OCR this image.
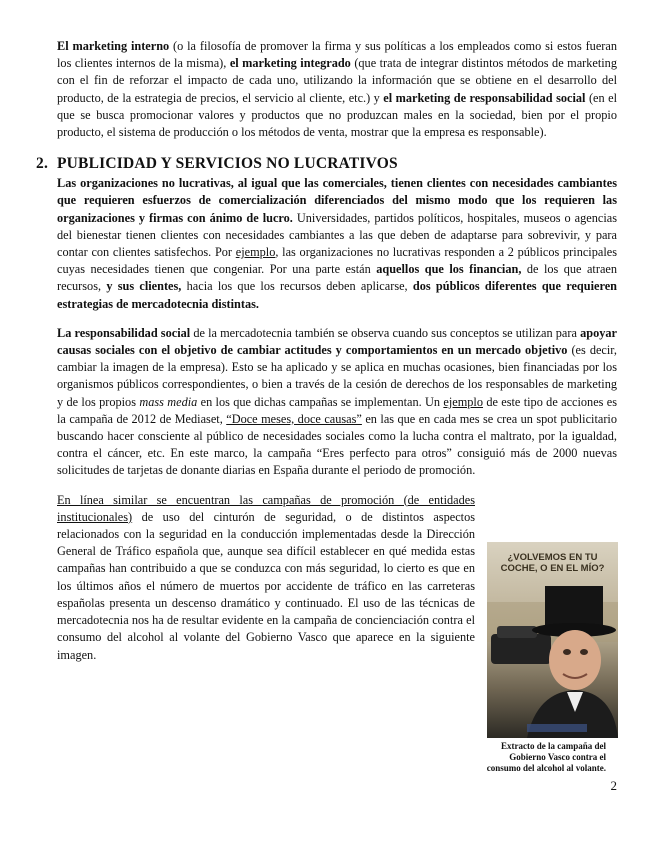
El marketing interno (o la filosofía de promover la firma y sus políticas a los empleados como si estos fueran los clientes internos de la misma), el marketing integrado (que trata de integrar distintos métodos de marketing con el fin de reforzar el impacto de cada uno, utilizando la información que se obtiene en el desarrollo del producto, de la estrategia de precios, el servicio al cliente, etc.) y el marketing de responsabilidad social (en el que se busca promocionar valores y productos que no produzcan males en la sociedad, bien por el propio producto, el sistema de producción o los métodos de venta, mostrar que la empresa es responsable).

2. PUBLICIDAD Y SERVICIOS NO LUCRATIVOS

Las organizaciones no lucrativas, al igual que las comerciales, tienen clientes con necesidades cambiantes que requieren esfuerzos de comercialización diferenciados del mismo modo que los requieren las organizaciones y firmas con ánimo de lucro. Universidades, partidos políticos, hospitales, museos o agencias del bienestar tienen clientes con necesidades cambiantes a las que deben de adaptarse para sobrevivir, y para contar con clientes satisfechos. Por ejemplo, las organizaciones no lucrativas responden a 2 públicos principales cuyas necesidades tienen que congeniar. Por una parte están aquellos que los financian, de los que atraen recursos, y sus clientes, hacia los que los recursos deben aplicarse, dos públicos diferentes que requieren estrategias de mercadotecnia distintas.

La responsabilidad social de la mercadotecnia también se observa cuando sus conceptos se utilizan para apoyar causas sociales con el objetivo de cambiar actitudes y comportamientos en un mercado objetivo (es decir, cambiar la imagen de la empresa). Esto se ha aplicado y se aplica en muchas ocasiones, bien financiadas por los organismos públicos correspondientes, o bien a través de la cesión de derechos de los responsables de marketing y de los propios mass media en los que dichas campañas se implementan. Un ejemplo de este tipo de acciones es la campaña de 2012 de Mediaset, “Doce meses, doce causas” en las que en cada mes se crea un spot publicitario buscando hacer consciente al público de necesidades sociales como la lucha contra el maltrato, por la igualdad, contra el cáncer, etc. En este marco, la campaña “Eres perfecto para otros” consiguió más de 2000 nuevas solicitudes de tarjetas de donante diarias en España durante el periodo de promoción.

En línea similar se encuentran las campañas de promoción (de entidades institucionales) de uso del cinturón de seguridad, o de distintos aspectos relacionados con la seguridad en la conducción implementadas desde la Dirección General de Tráfico española que, aunque sea difícil establecer en qué medida estas campañas han contribuido a que se conduzca con más seguridad, lo cierto es que en los últimos años el número de muertos por accidente de tráfico en las carreteras españolas presenta un descenso dramático y continuado. El uso de las técnicas de mercadotecnia nos ha de resultar evidente en la campaña de concienciación contra el consumo del alcohol al volante del Gobierno Vasco que aparece en la siguiente imagen.

¿VOLVEMOS EN TU COCHE, O EN EL MÍO?
Extracto de la campaña del Gobierno Vasco contra el consumo del alcohol al volante.
2
